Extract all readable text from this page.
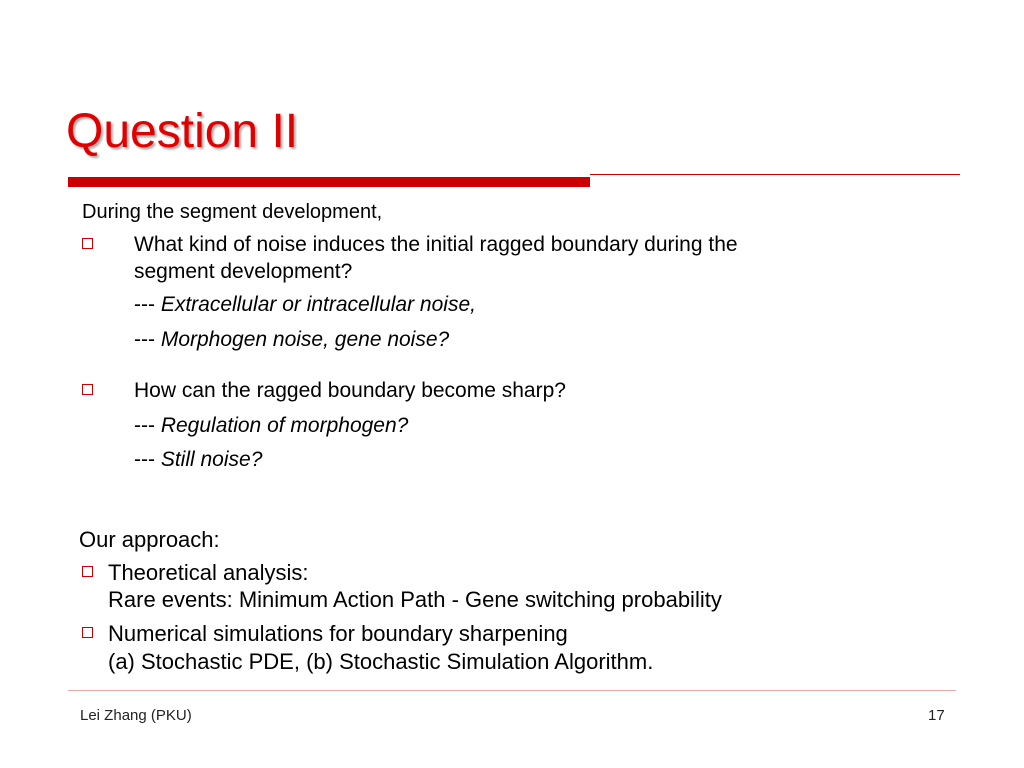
Question II
During the segment development,
What kind of noise induces the initial ragged boundary during the
segment development?
--- Extracellular or intracellular noise,
--- Morphogen noise, gene noise?
How can the ragged boundary become sharp?
--- Regulation of morphogen?
--- Still noise?
Our approach:
Theoretical analysis:
Rare events: Minimum Action Path - Gene switching probability
Numerical simulations for boundary sharpening
(a) Stochastic PDE, (b) Stochastic Simulation Algorithm.
Lei Zhang (PKU)	17
